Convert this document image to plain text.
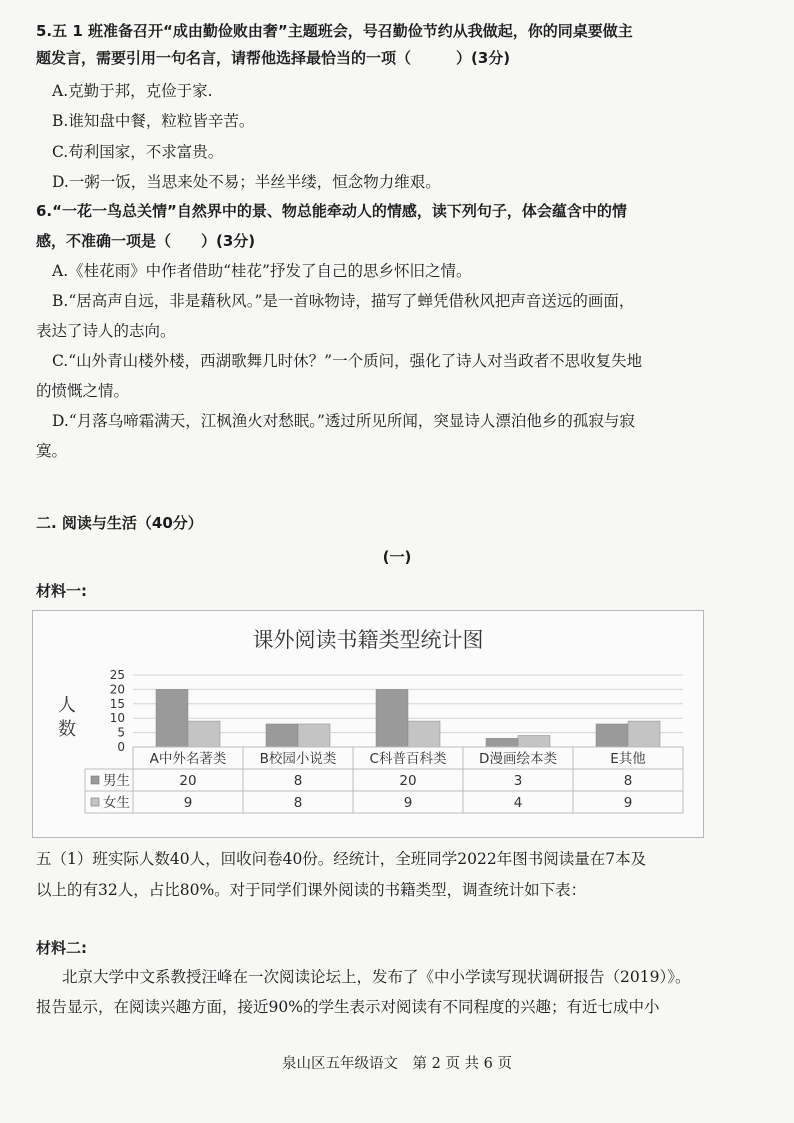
5.五 1 班准备召开“成由勤俭败由奢”主题班会，号召勤俭节约从我做起，你的同桌要做主
题发言，需要引用一句名言，请帮他选择最恰当的一项（　　　）(3分)
A.克勤于邦，克俭于家.
B.谁知盘中餐，粒粒皆辛苦。
C.苟利国家，不求富贵。
D.一粥一饭，当思来处不易；半丝半缕，恒念物力维艰。
6.“一花一鸟总关情”自然界中的景、物总能牵动人的情感，读下列句子，体会蕴含中的情
感，不准确一项是（　　）(3分)
A.《桂花雨》中作者借助“桂花”抒发了自己的思乡怀旧之情。
B.“居高声自远，非是藉秋风。”是一首咏物诗，描写了蝉凭借秋风把声音送远的画面，
表达了诗人的志向。
C.“山外青山楼外楼，西湖歌舞几时休？”一个质问，强化了诗人对当政者不思收复失地
的愤慨之情。
D.“月落乌啼霜满天，江枫渔火对愁眠。”透过所见所闻，突显诗人漂泊他乡的孤寂与寂
寞。
二. 阅读与生活（40分）
(一)
材料一:
课外阅读书籍类型统计图
人
数
0
5
10
15
20
25
A中外名著类 B校园小说类 C科普百科类 D漫画绘本类	E其他
男生	20	8	20	3	8
女生	9	8	9	4	9
五（1）班实际人数40人，回收问卷40份。经统计，全班同学2022年图书阅读量在7本及
以上的有32人，占比80%。对于同学们课外阅读的书籍类型，调查统计如下表：
材料二:
北京大学中文系教授汪峰在一次阅读论坛上，发布了《中小学读写现状调研报告（2019）》。
报告显示，在阅读兴趣方面，接近90%的学生表示对阅读有不同程度的兴趣；有近七成中小
泉山区五年级语文　第 2 页 共 6 页
